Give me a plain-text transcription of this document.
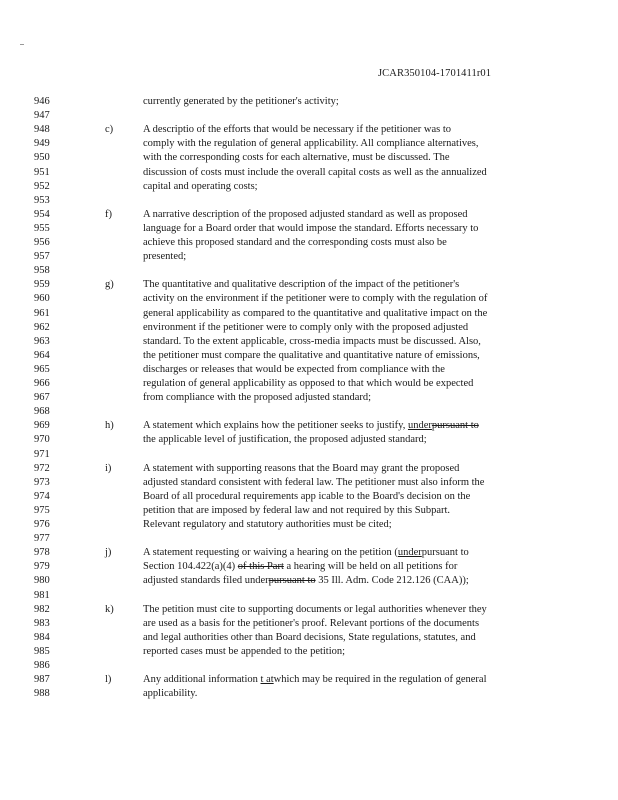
JCAR350104-1701411r01
946	currently generated by the petitioner's activity;
947
948	c)	A descriptio of the efforts that would be necessary if the petitioner was to
949	comply with the regulation of general applicability. All compliance alternatives,
950	with the corresponding costs for each alternative, must be discussed. The
951	discussion of costs must include the overall capital costs as well as the annualized
952	capital and operating costs;
953
954	f)	A narrative description of the proposed adjusted standard as well as proposed
955	language for a Board order that would impose the standard. Efforts necessary to
956	achieve this proposed standard and the corresponding costs must also be
957	presented;
958
959	g)	The quantitative and qualitative description of the impact of the petitioner's
960	activity on the environment if the petitioner were to comply with the regulation of
961	general applicability as compared to the quantitative and qualitative impact on the
962	environment if the petitioner were to comply only with the proposed adjusted
963	standard. To the extent applicable, cross-media impacts must be discussed. Also,
964	the petitioner must compare the qualitative and quantitative nature of emissions,
965	discharges or releases that would be expected from compliance with the
966	regulation of general applicability as opposed to that which would be expected
967	from compliance with the proposed adjusted standard;
968
969	h)	A statement which explains how the petitioner seeks to justify, underpursuant to
970	the applicable level of justification, the proposed adjusted standard;
971
972	i)	A statement with supporting reasons that the Board may grant the proposed
973	adjusted standard consistent with federal law. The petitioner must also inform the
974	Board of all procedural requirements app icable to the Board's decision on the
975	petition that are imposed by federal law and not required by this Subpart.
976	Relevant regulatory and statutory authorities must be cited;
977
978	j)	A statement requesting or waiving a hearing on the petition (underpursuant to
979	Section 104.422(a)(4) of this Part a hearing will be held on all petitions for
980	adjusted standards filed underpursuant to 35 Ill. Adm. Code 212.126 (CAA));
981
982	k)	The petition must cite to supporting documents or legal authorities whenever they
983	are used as a basis for the petitioner's proof. Relevant portions of the documents
984	and legal authorities other than Board decisions, State regulations, statutes, and
985	reported cases must be appended to the petition;
986
987	l)	Any additional information t atwhich may be required in the regulation of general
988	applicability.
